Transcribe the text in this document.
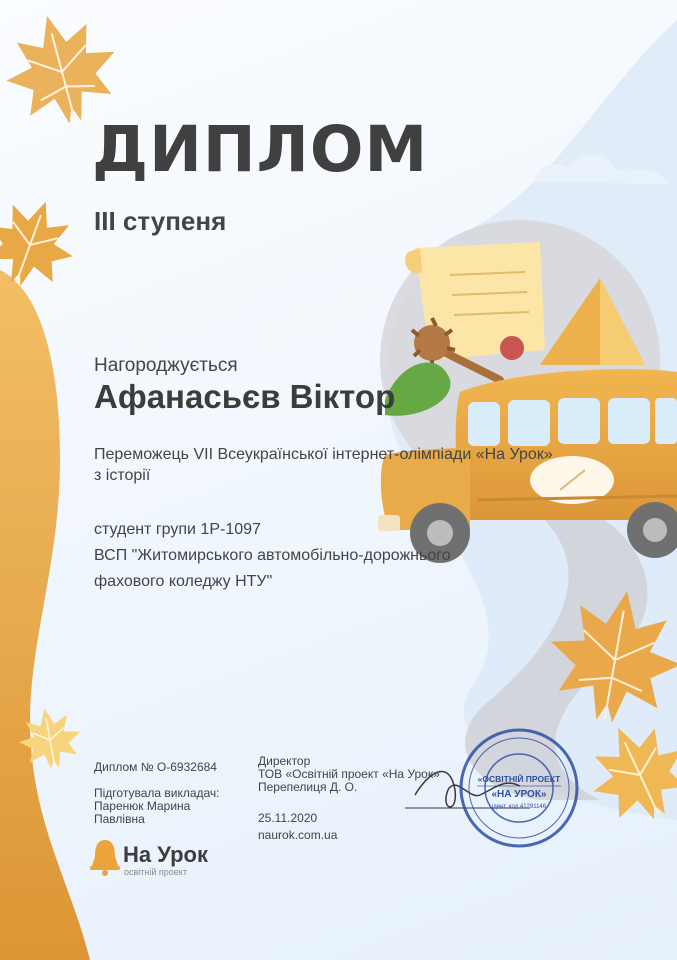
«ОСВІТНІЙ ПРОЕКТ
«НА УРОК»
ідент. код 41291146
ДИПЛОМ
ІІІ ступеня
Нагороджується
Афанасьєв Віктор
Переможець VII Всеукраїнської інтернет-олімпіади «На Урок»
з історії
студент групи 1Р-1097
ВСП "Житомирського автомобільно-дорожнього
фахового коледжу НТУ"
Диплом № О-6932684
Підготувала викладач:
Паренюк Марина
Павлівна
Директор
ТОВ «Освітній проект «На Урок»
Перепелиця Д. О.
25.11.2020
naurok.com.ua
На Урок
освітній проект
